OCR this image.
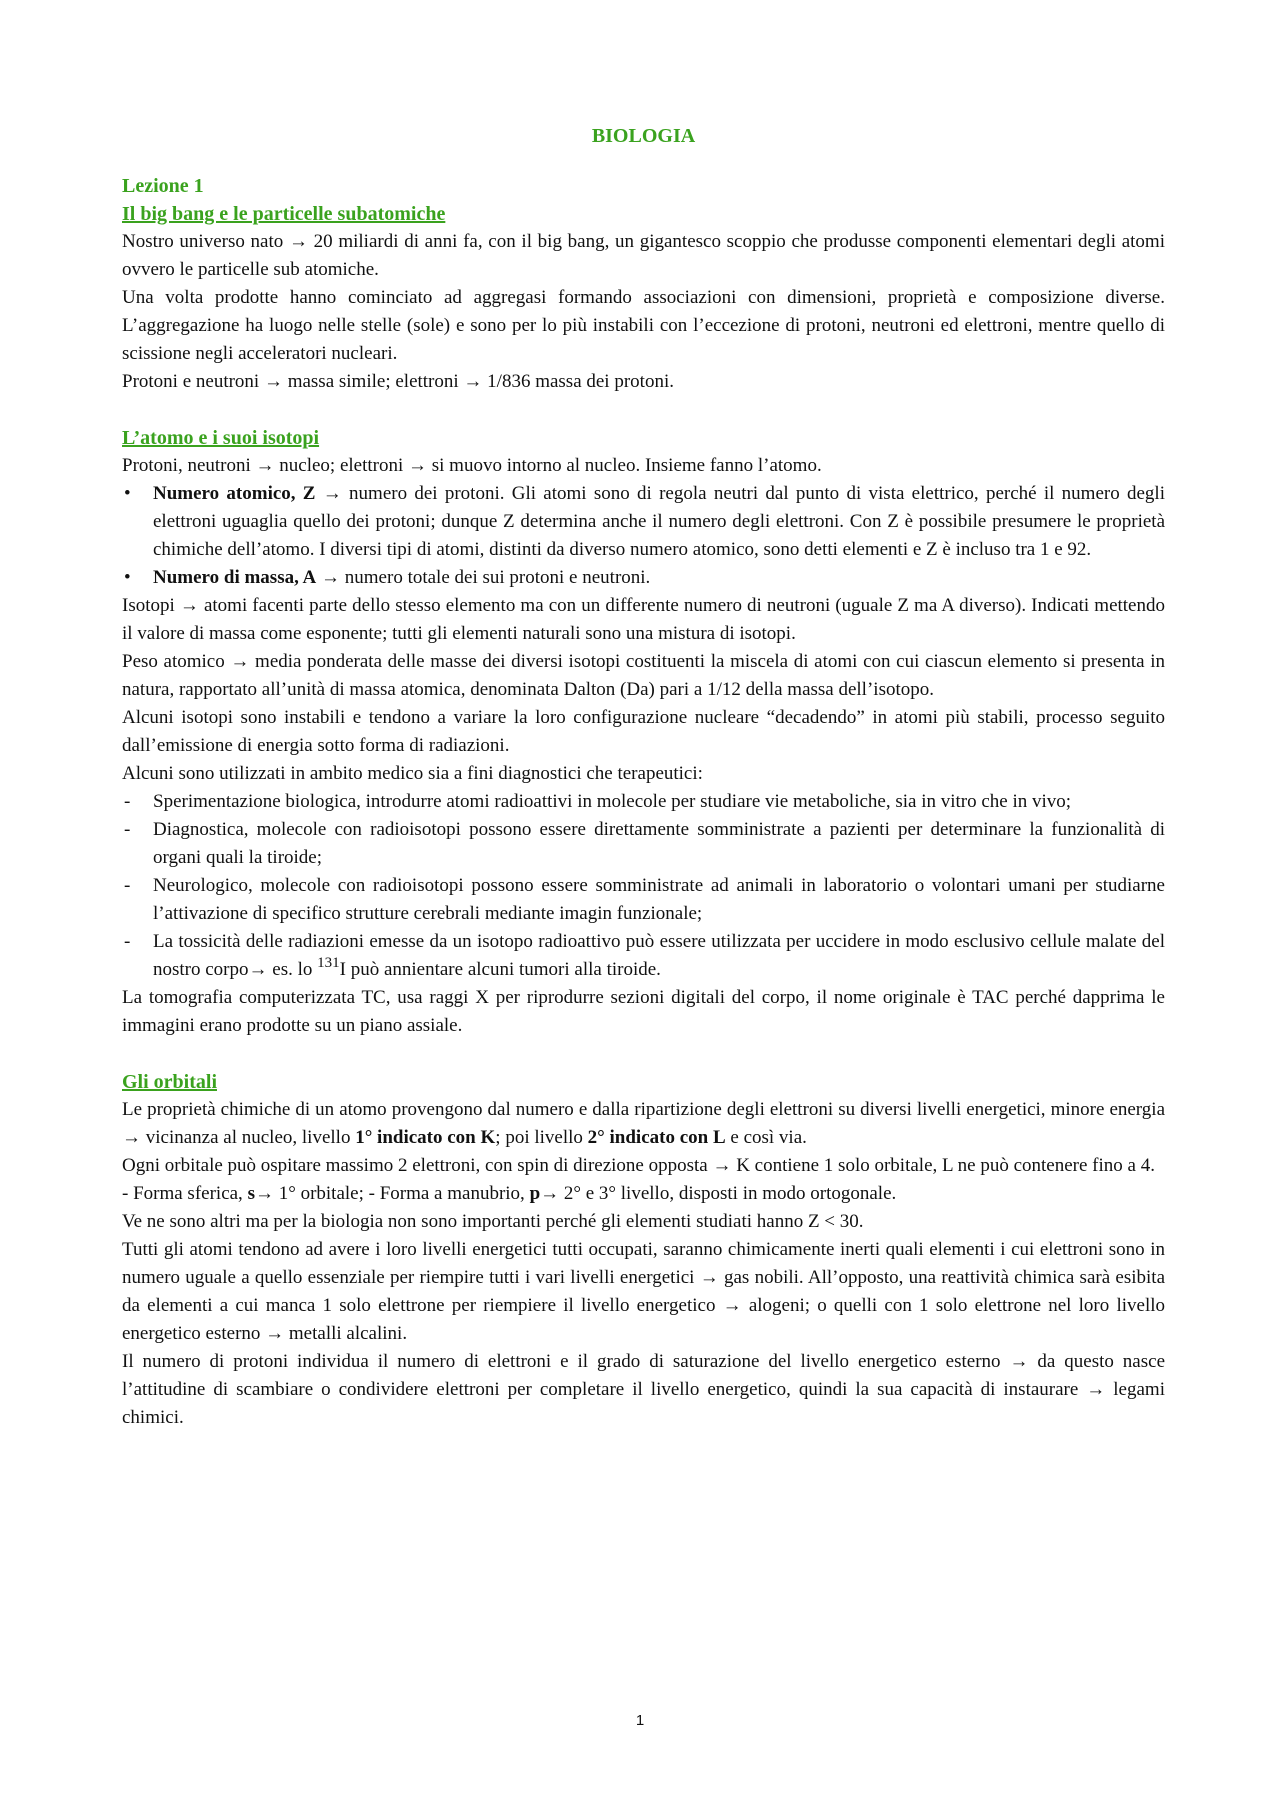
BIOLOGIA
Lezione 1
Il big bang e le particelle subatomiche

Nostro universo nato → 20 miliardi di anni fa, con il big bang, un gigantesco scoppio che produsse componenti elementari degli atomi ovvero le particelle sub atomiche.

Una volta prodotte hanno cominciato ad aggregasi formando associazioni con dimensioni, proprietà e composizione diverse. L’aggregazione ha luogo nelle stelle (sole) e sono per lo più instabili con l’eccezione di protoni, neutroni ed elettroni, mentre quello di scissione negli acceleratori nucleari.

Protoni e neutroni → massa simile; elettroni → 1/836 massa dei protoni.

L’atomo e i suoi isotopi

Protoni, neutroni → nucleo; elettroni → si muovo intorno al nucleo. Insieme fanno l’atomo.

• Numero atomico, Z → numero dei protoni. Gli atomi sono di regola neutri dal punto di vista elettrico, perché il numero degli elettroni uguaglia quello dei protoni; dunque Z determina anche il numero degli elettroni. Con Z è possibile presumere le proprietà chimiche dell’atomo. I diversi tipi di atomi, distinti da diverso numero atomico, sono detti elementi e Z è incluso tra 1 e 92.
• Numero di massa, A → numero totale dei sui protoni e neutroni.

Isotopi → atomi facenti parte dello stesso elemento ma con un differente numero di neutroni (uguale Z ma A diverso). Indicati mettendo il valore di massa come esponente; tutti gli elementi naturali sono una mistura di isotopi.

Peso atomico → media ponderata delle masse dei diversi isotopi costituenti la miscela di atomi con cui ciascun elemento si presenta in natura, rapportato all’unità di massa atomica, denominata Dalton (Da) pari a 1/12 della massa dell’isotopo.

Alcuni isotopi sono instabili e tendono a variare la loro configurazione nucleare “decadendo” in atomi più stabili, processo seguito dall’emissione di energia sotto forma di radiazioni.

Alcuni sono utilizzati in ambito medico sia a fini diagnostici che terapeutici:

- Sperimentazione biologica, introdurre atomi radioattivi in molecole per studiare vie metaboliche, sia in vitro che in vivo;
- Diagnostica, molecole con radioisotopi possono essere direttamente somministrate a pazienti per determinare la funzionalità di organi quali la tiroide;
- Neurologico, molecole con radioisotopi possono essere somministrate ad animali in laboratorio o volontari umani per studiarne l’attivazione di specifico strutture cerebrali mediante imagin funzionale;
- La tossicità delle radiazioni emesse da un isotopo radioattivo può essere utilizzata per uccidere in modo esclusivo cellule malate del nostro corpo→ es. lo $^{131}$I può annientare alcuni tumori alla tiroide.

La tomografia computerizzata TC, usa raggi X per riprodurre sezioni digitali del corpo, il nome originale è TAC perché dapprima le immagini erano prodotte su un piano assiale.

Gli orbitali

Le proprietà chimiche di un atomo provengono dal numero e dalla ripartizione degli elettroni su diversi livelli energetici, minore energia → vicinanza al nucleo, livello 1° indicato con K; poi livello 2° indicato con L e così via.

Ogni orbitale può ospitare massimo 2 elettroni, con spin di direzione opposta → K contiene 1 solo orbitale, L ne può contenere fino a 4.

- Forma sferica, s→ 1° orbitale; - Forma a manubrio, p→ 2° e 3° livello, disposti in modo ortogonale.

Ve ne sono altri ma per la biologia non sono importanti perché gli elementi studiati hanno Z < 30.

Tutti gli atomi tendono ad avere i loro livelli energetici tutti occupati, saranno chimicamente inerti quali elementi i cui elettroni sono in numero uguale a quello essenziale per riempire tutti i vari livelli energetici → gas nobili. All’opposto, una reattività chimica sarà esibita da elementi a cui manca 1 solo elettrone per riempiere il livello energetico → alogeni; o quelli con 1 solo elettrone nel loro livello energetico esterno → metalli alcalini.

Il numero di protoni individua il numero di elettroni e il grado di saturazione del livello energetico esterno → da questo nasce l’attitudine di scambiare o condividere elettroni per completare il livello energetico, quindi la sua capacità di instaurare → legami chimici.

1
